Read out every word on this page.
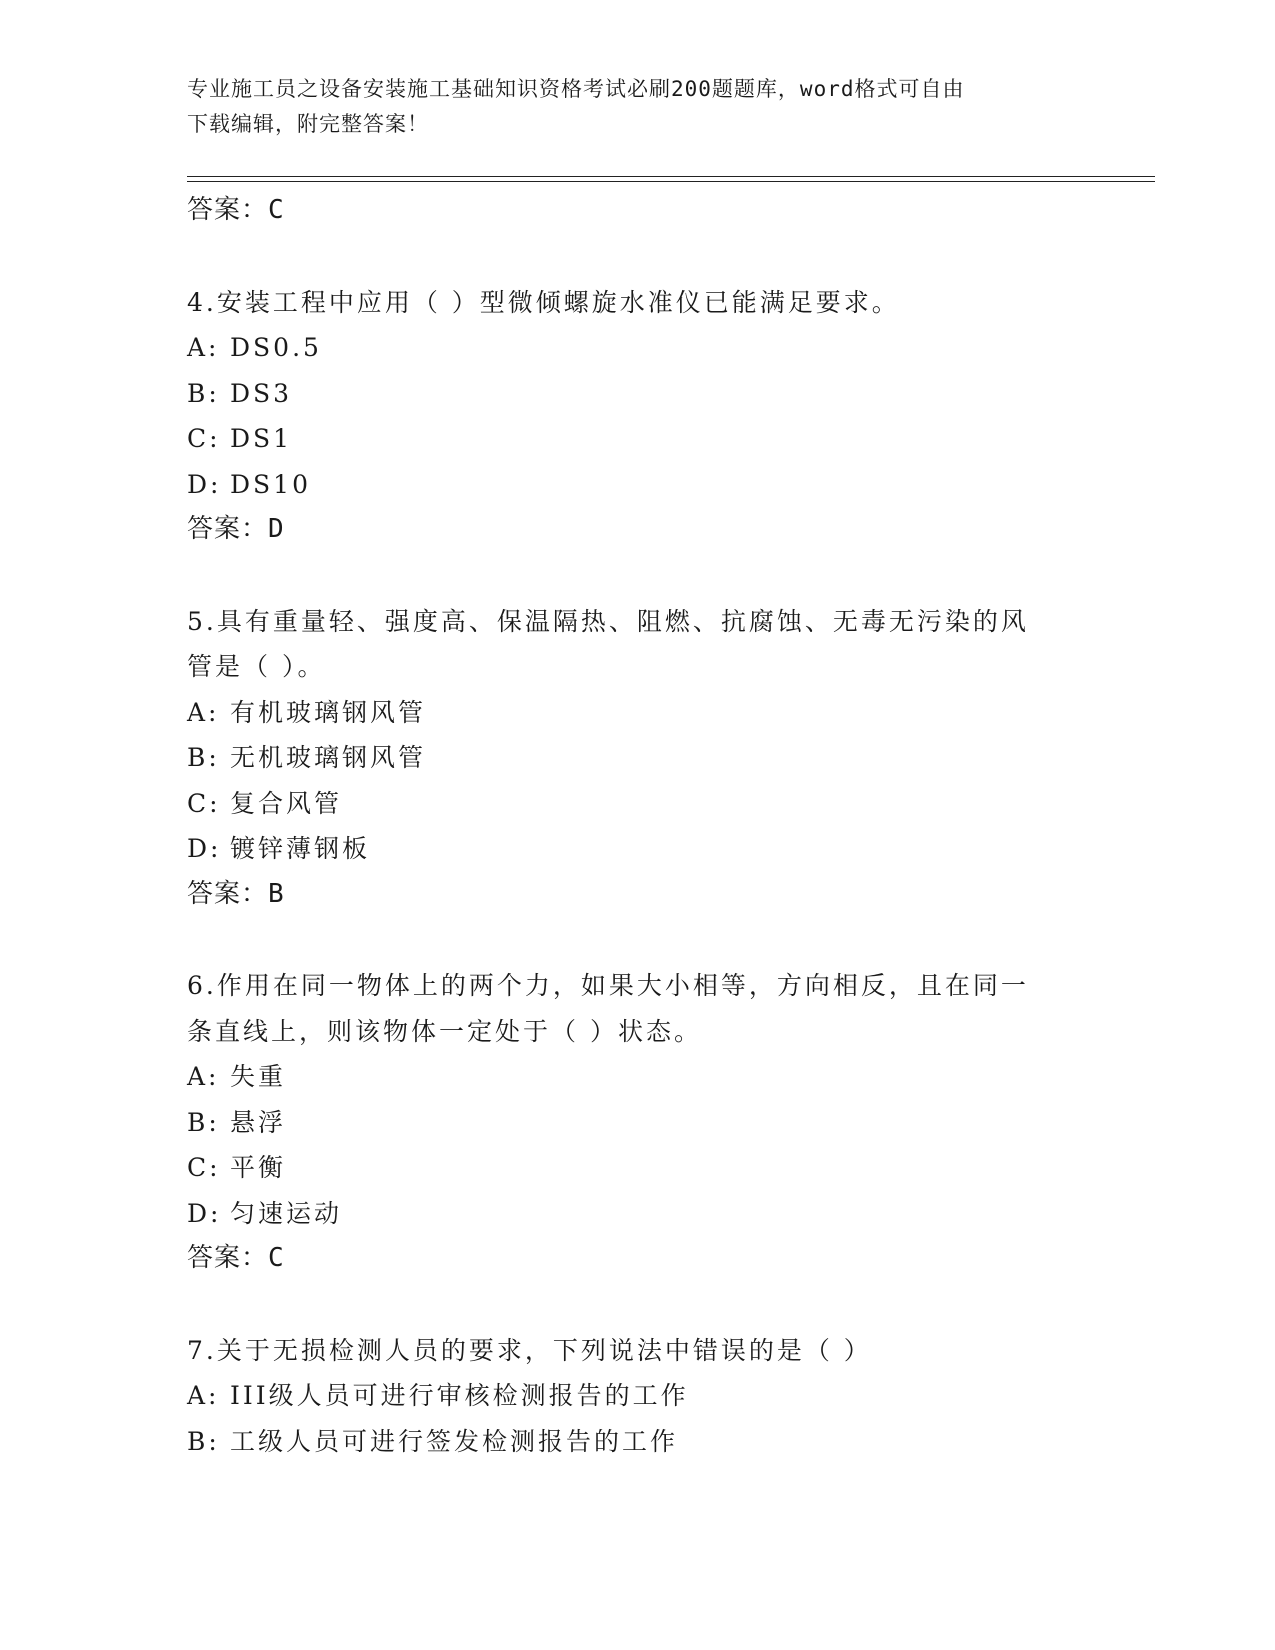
专业施工员之设备安装施工基础知识资格考试必刷200题题库，word格式可自由
下载编辑，附完整答案！
答案：C
4.安装工程中应用（ ）型微倾螺旋水准仪已能满足要求。
A: DS0.5
B: DS3
C: DS1
D: DS10
答案：D
5.具有重量轻、强度高、保温隔热、阻燃、抗腐蚀、无毒无污染的风
管是（ ）。
A: 有机玻璃钢风管
B: 无机玻璃钢风管
C: 复合风管
D: 镀锌薄钢板
答案：B
6.作用在同一物体上的两个力，如果大小相等，方向相反，且在同一
条直线上，则该物体一定处于（ ）状态。
A: 失重
B: 悬浮
C: 平衡
D: 匀速运动
答案：C
7.关于无损检测人员的要求，下列说法中错误的是（ ）
A: III级人员可进行审核检测报告的工作
B: 工级人员可进行签发检测报告的工作
